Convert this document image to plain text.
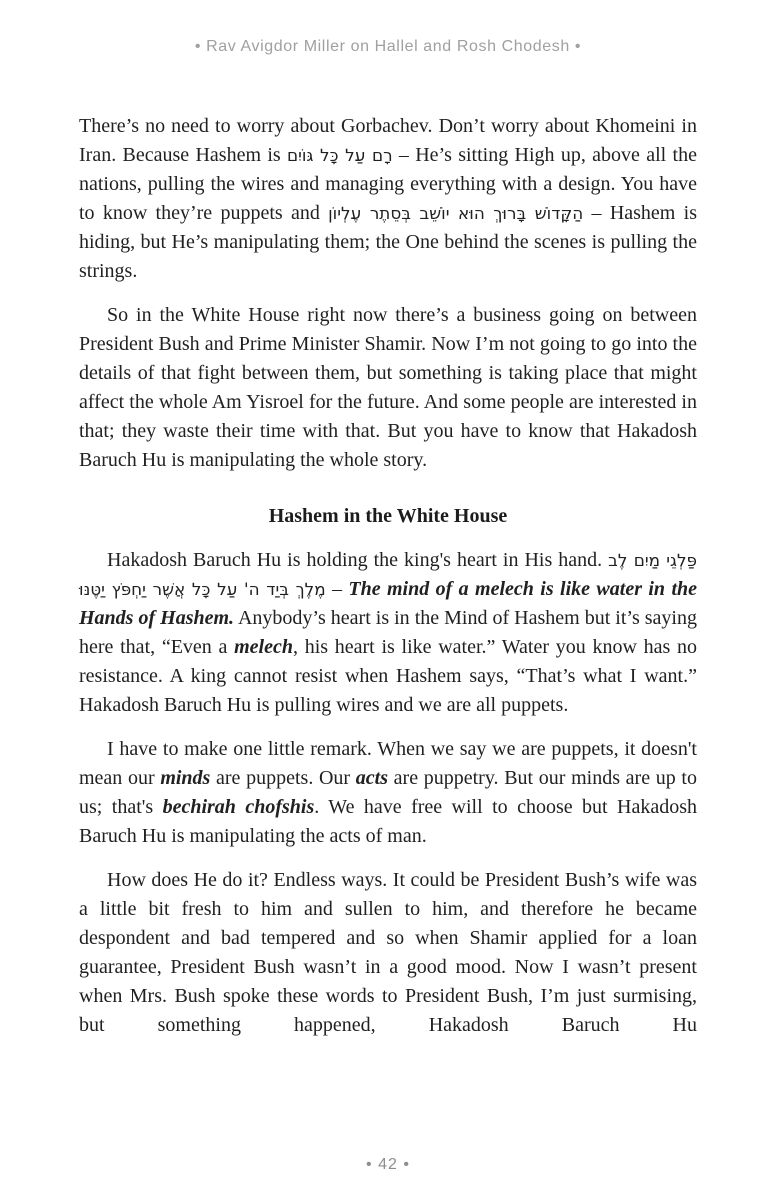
• Rav Avigdor Miller on Hallel and Rosh Chodesh •

There’s no need to worry about Gorbachev. Don’t worry about Khomeini in Iran. Because Hashem is רָם עַל כָּל גּוֹיִם – He’s sitting High up, above all the nations, pulling the wires and managing everything with a design. You have to know they’re puppets and הַקָּדוֹשׁ בָּרוּךְ הוּא יוֹשֵׁב בְּסֵתֶר עֶלְיוֹן – Hashem is hiding, but He’s manipulating them; the One behind the scenes is pulling the strings.

So in the White House right now there’s a business going on between President Bush and Prime Minister Shamir. Now I’m not going to go into the details of that fight between them, but something is taking place that might affect the whole Am Yisroel for the future. And some people are interested in that; they waste their time with that. But you have to know that Hakadosh Baruch Hu is manipulating the whole story.

Hashem in the White House

Hakadosh Baruch Hu is holding the king's heart in His hand. פַּלְגֵי מַיִם לֶב מֶלֶךְ בְּיַד ה' עַל כָּל אֲשֶׁר יַחְפֹּץ יַטֶּנּוּ – The mind of a melech is like water in the Hands of Hashem. Anybody’s heart is in the Mind of Hashem but it’s saying here that, “Even a melech, his heart is like water.” Water you know has no resistance. A king cannot resist when Hashem says, “That’s what I want.” Hakadosh Baruch Hu is pulling wires and we are all puppets.

I have to make one little remark. When we say we are puppets, it doesn't mean our minds are puppets. Our acts are puppetry. But our minds are up to us; that's bechirah chofshis. We have free will to choose but Hakadosh Baruch Hu is manipulating the acts of man.

How does He do it? Endless ways. It could be President Bush’s wife was a little bit fresh to him and sullen to him, and therefore he became despondent and bad tempered and so when Shamir applied for a loan guarantee, President Bush wasn’t in a good mood. Now I wasn’t present when Mrs. Bush spoke these words to President Bush, I’m just surmising, but something happened, Hakadosh Baruch Hu

• 42 •
